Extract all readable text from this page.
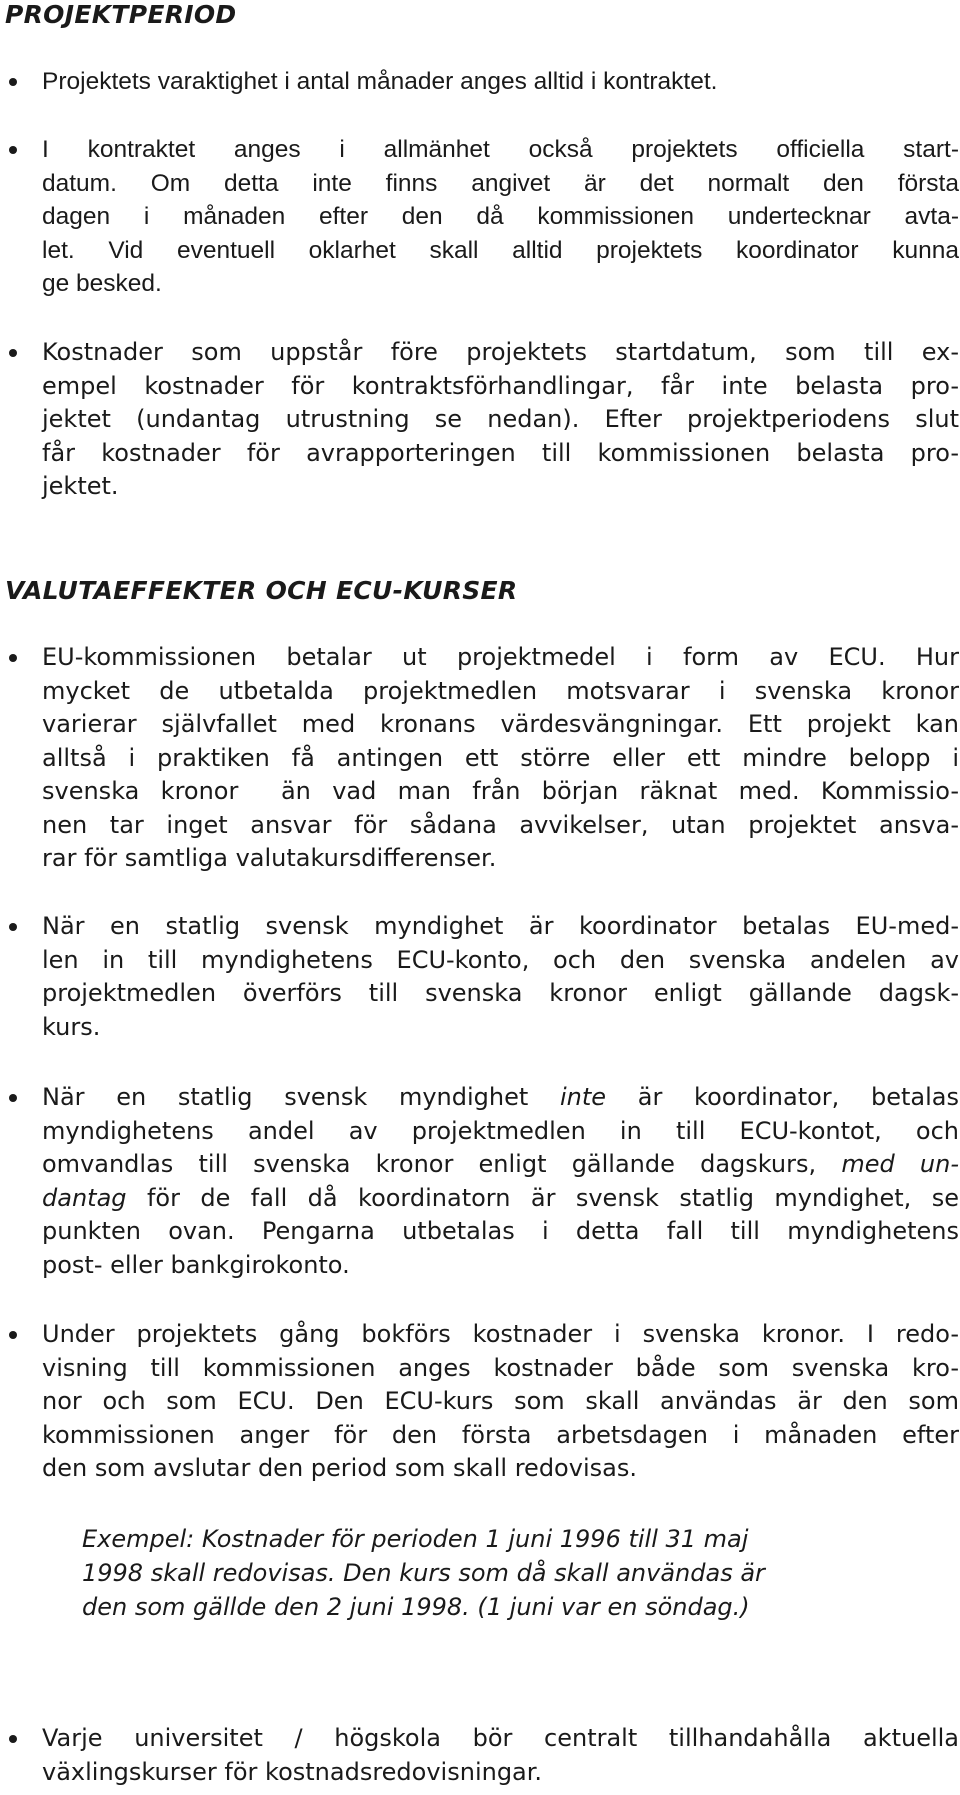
PROJEKTPERIOD
Projektets varaktighet i antal månader anges alltid i kontraktet.
I kontraktet anges i allmänhet också projektets officiella start-
datum. Om detta inte finns angivet är det normalt den första
dagen i månaden efter den då kommissionen undertecknar avta-
let. Vid eventuell oklarhet skall alltid projektets koordinator kunna
ge besked.
Kostnader som uppstår före projektets startdatum, som till ex-
empel kostnader för kontraktsförhandlingar, får inte belasta pro-
jektet (undantag utrustning se nedan). Efter projektperiodens slut
får kostnader för avrapporteringen till kommissionen belasta pro-
jektet.
VALUTAEFFEKTER OCH ECU-KURSER
EU-kommissionen betalar ut projektmedel i form av ECU. Hur
mycket de utbetalda projektmedlen motsvarar i svenska kronor
varierar självfallet med kronans värdesvängningar. Ett projekt kan
alltså i praktiken få antingen ett större eller ett mindre belopp i
svenska kronor  än vad man från början räknat med. Kommissio-
nen tar inget ansvar för sådana avvikelser, utan projektet ansva-
rar för samtliga valutakursdifferenser.
När en statlig svensk myndighet är koordinator betalas EU-med-
len in till myndighetens ECU-konto, och den svenska andelen av
projektmedlen överförs till svenska kronor enligt gällande dagsk-
kurs.
När en statlig svensk myndighet inte är koordinator, betalas
myndighetens andel av projektmedlen in till ECU-kontot, och
omvandlas till svenska kronor enligt gällande dagskurs, med un-
dantag för de fall då koordinatorn är svensk statlig myndighet, se
punkten ovan. Pengarna utbetalas i detta fall till myndighetens
post- eller bankgirokonto.
Under projektets gång bokförs kostnader i svenska kronor. I redo-
visning till kommissionen anges kostnader både som svenska kro-
nor och som ECU. Den ECU-kurs som skall användas är den som
kommissionen anger för den första arbetsdagen i månaden efter
den som avslutar den period som skall redovisas.
Exempel: Kostnader för perioden 1 juni 1996 till 31 maj
1998 skall redovisas. Den kurs som då skall användas är
den som gällde den 2 juni 1998. (1 juni var en söndag.)
Varje universitet / högskola bör centralt tillhandahålla aktuella
växlingskurser för kostnadsredovisningar.
